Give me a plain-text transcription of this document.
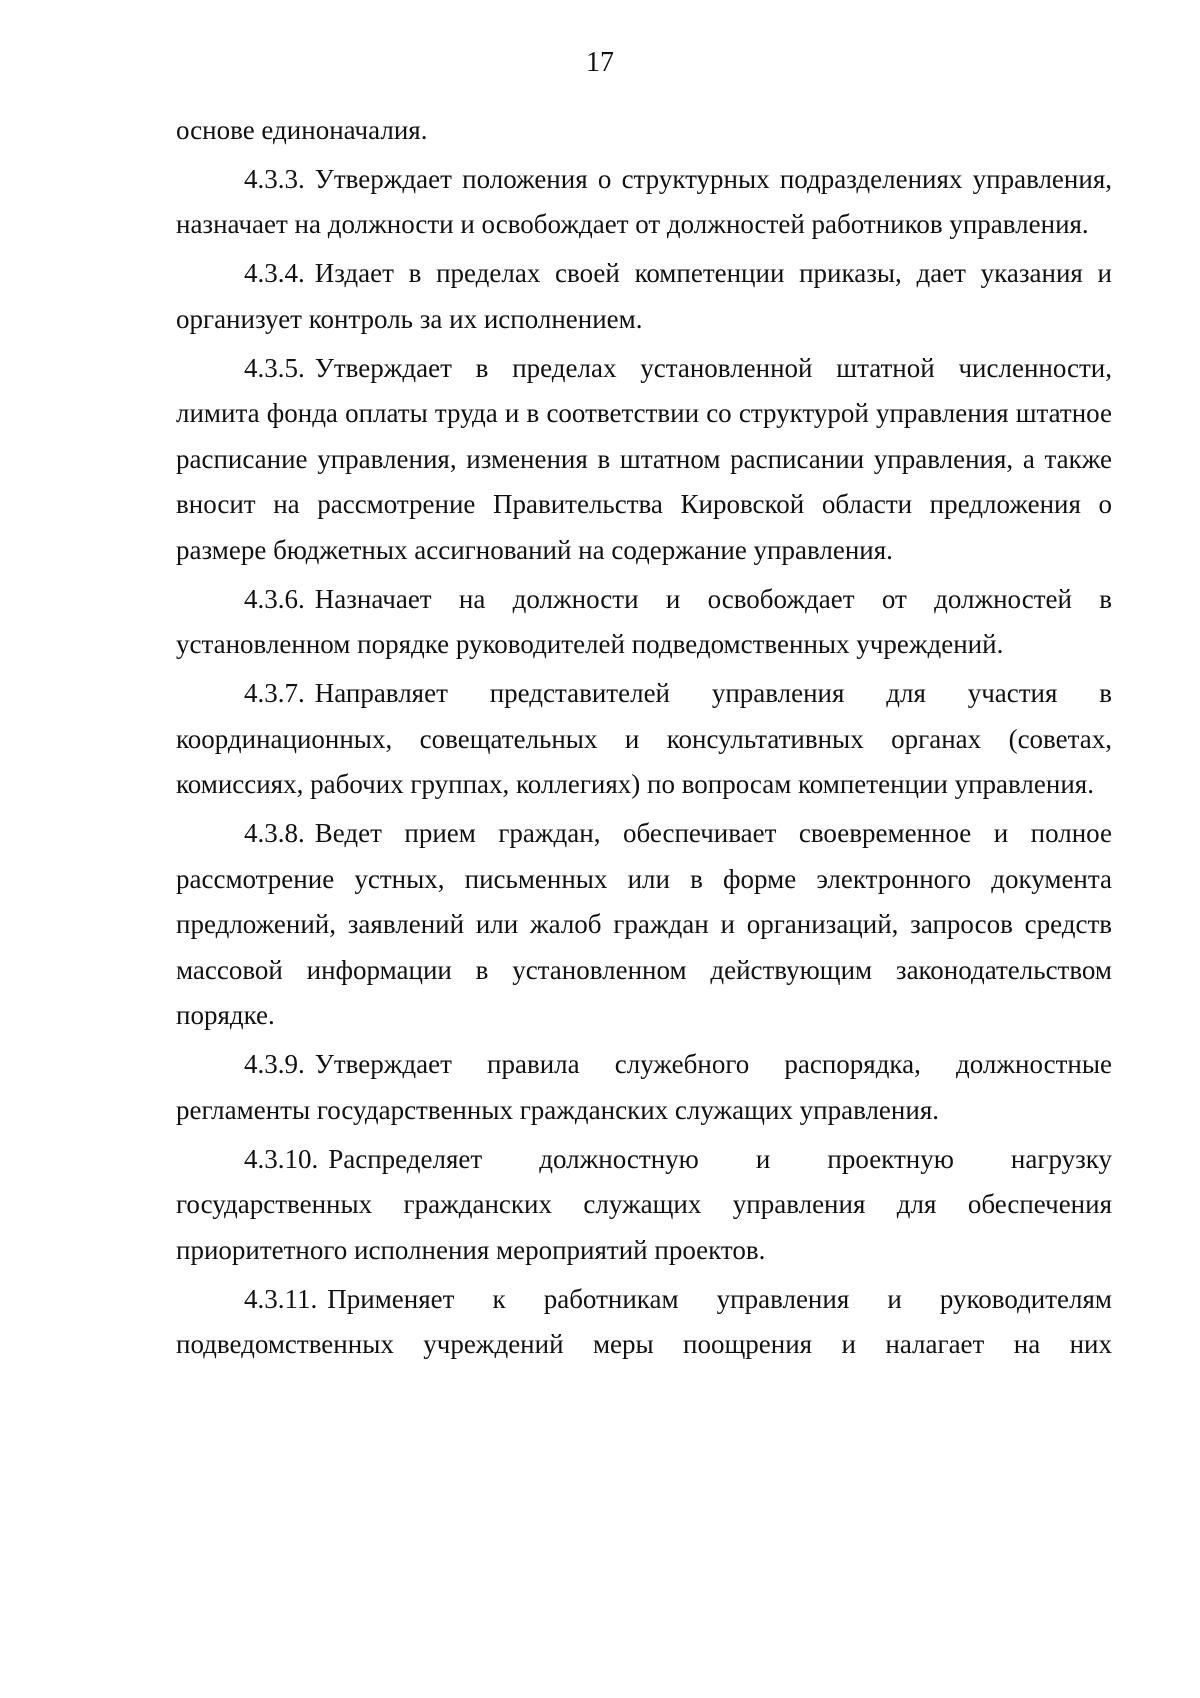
17

основе единоначалия.

4.3.3. Утверждает положения о структурных подразделениях управления, назначает на должности и освобождает от должностей работников управления.

4.3.4. Издает в пределах своей компетенции приказы, дает указания и организует контроль за их исполнением.

4.3.5. Утверждает в пределах установленной штатной численности, лимита фонда оплаты труда и в соответствии со структурой управления штатное расписание управления, изменения в штатном расписании управления, а также вносит на рассмотрение Правительства Кировской области предложения о размере бюджетных ассигнований на содержание управления.

4.3.6. Назначает на должности и освобождает от должностей в установленном порядке руководителей подведомственных учреждений.

4.3.7. Направляет представителей управления для участия в координационных, совещательных и консультативных органах (советах, комиссиях, рабочих группах, коллегиях) по вопросам компетенции управления.

4.3.8. Ведет прием граждан, обеспечивает своевременное и полное рассмотрение устных, письменных или в форме электронного документа предложений, заявлений или жалоб граждан и организаций, запросов средств массовой информации в установленном действующим законодательством порядке.

4.3.9. Утверждает правила служебного распорядка, должностные регламенты государственных гражданских служащих управления.

4.3.10. Распределяет должностную и проектную нагрузку государственных гражданских служащих управления для обеспечения приоритетного исполнения мероприятий проектов.

4.3.11. Применяет к работникам управления и руководителям подведомственных учреждений меры поощрения и налагает на них
